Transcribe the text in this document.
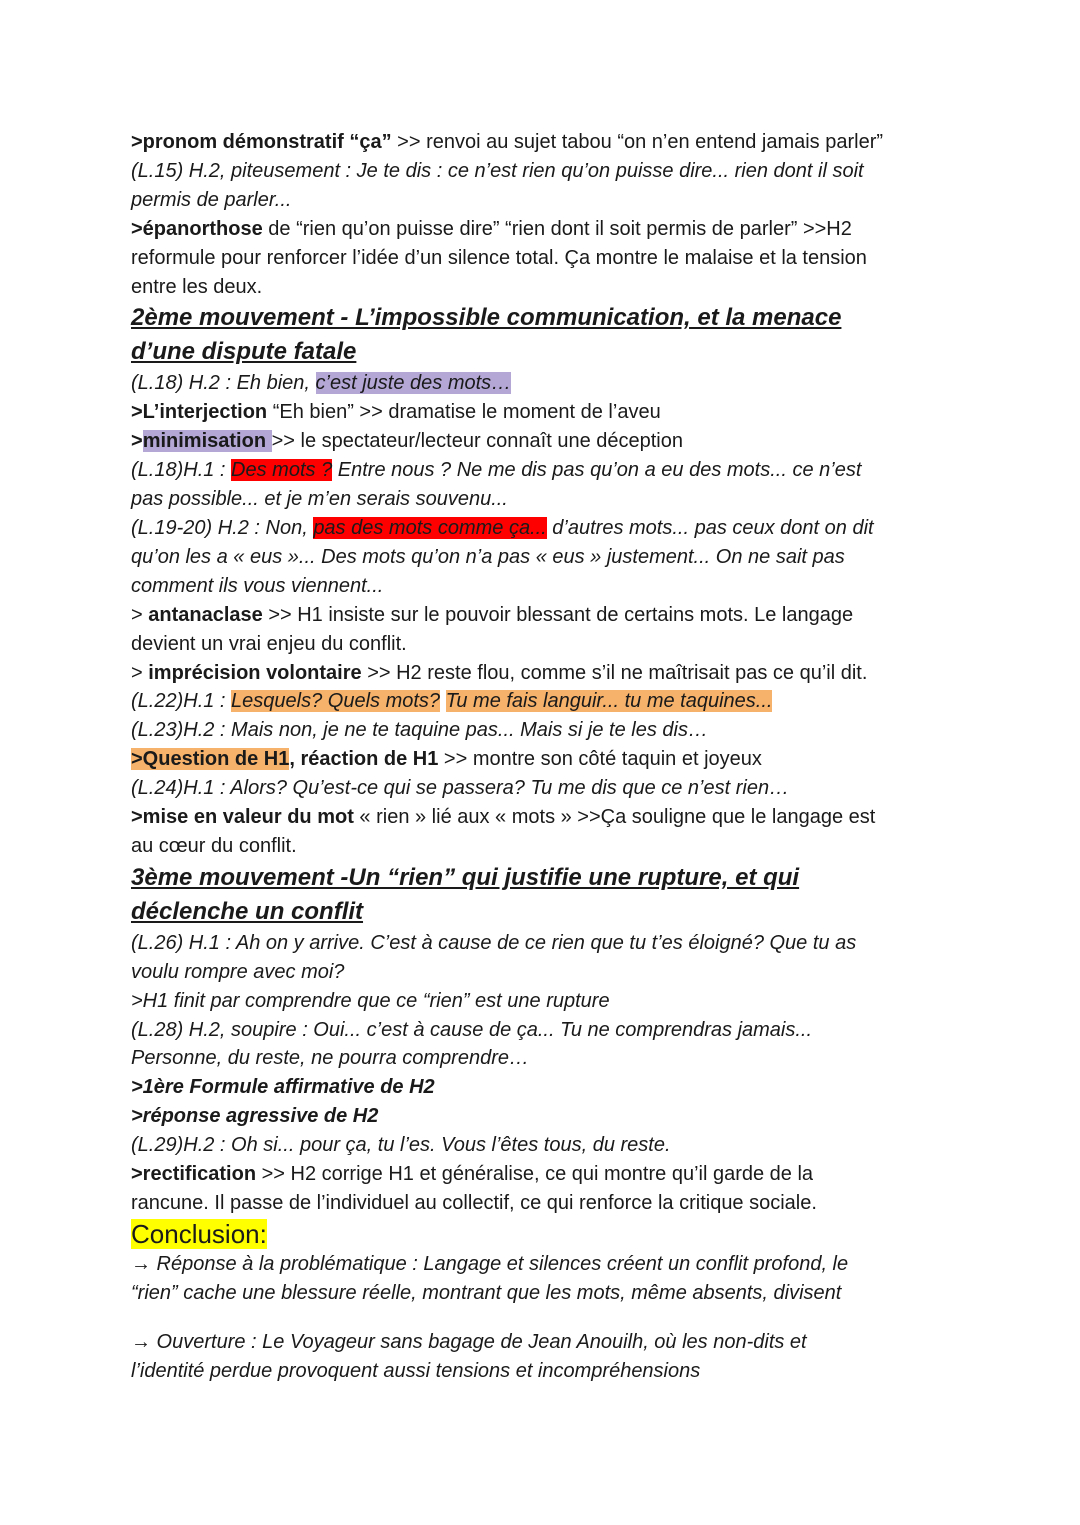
>pronom démonstratif “ça” >> renvoi au sujet tabou “on n’en entend jamais parler”
(L.15) H.2, piteusement : Je te dis : ce n’est rien qu’on puisse dire... rien dont il soit
permis de parler...
>épanorthose de “rien qu’on puisse dire” “rien dont il soit permis de parler” >>H2
reformule pour renforcer l’idée d’un silence total. Ça montre le malaise et la tension
entre les deux.
2ème mouvement - L’impossible communication, et la menace
d’une dispute fatale
(L.18) H.2 : Eh bien, c’est juste des mots…
>L’interjection “Eh bien” >> dramatise le moment de l’aveu
>minimisation >> le spectateur/lecteur connaît une déception
(L.18)H.1 : Des mots ? Entre nous ? Ne me dis pas qu’on a eu des mots... ce n’est
pas possible... et je m’en serais souvenu...
(L.19-20) H.2 : Non, pas des mots comme ça... d’autres mots... pas ceux dont on dit
qu’on les a « eus »... Des mots qu’on n’a pas « eus » justement... On ne sait pas
comment ils vous viennent...
> antanaclase >> H1 insiste sur le pouvoir blessant de certains mots. Le langage
devient un vrai enjeu du conflit.
> imprécision volontaire >> H2 reste flou, comme s’il ne maîtrisait pas ce qu’il dit.
(L.22)H.1 : Lesquels? Quels mots? Tu me fais languir... tu me taquines...
(L.23)H.2 : Mais non, je ne te taquine pas... Mais si je te les dis…
>Question de H1, réaction de H1 >> montre son côté taquin et joyeux
(L.24)H.1 : Alors? Qu’est-ce qui se passera? Tu me dis que ce n’est rien…
>mise en valeur du mot « rien » lié aux « mots » >>Ça souligne que le langage est
au cœur du conflit.
3ème mouvement -Un “rien” qui justifie une rupture, et qui
déclenche un conflit
(L.26) H.1 : Ah on y arrive. C’est à cause de ce rien que tu t’es éloigné? Que tu as
voulu rompre avec moi?
>H1 finit par comprendre que ce “rien” est une rupture
(L.28) H.2, soupire : Oui... c’est à cause de ça... Tu ne comprendras jamais...
Personne, du reste, ne pourra comprendre…
>1ère Formule affirmative de H2
>réponse agressive de H2
(L.29)H.2 : Oh si... pour ça, tu l’es. Vous l’êtes tous, du reste.
>rectification >> H2 corrige H1 et généralise, ce qui montre qu’il garde de la
rancune. Il passe de l’individuel au collectif, ce qui renforce la critique sociale.
Conclusion:
→ Réponse à la problématique : Langage et silences créent un conflit profond, le
“rien” cache une blessure réelle, montrant que les mots, même absents, divisent
→ Ouverture : Le Voyageur sans bagage de Jean Anouilh, où les non-dits et
l’identité perdue provoquent aussi tensions et incompréhensions
